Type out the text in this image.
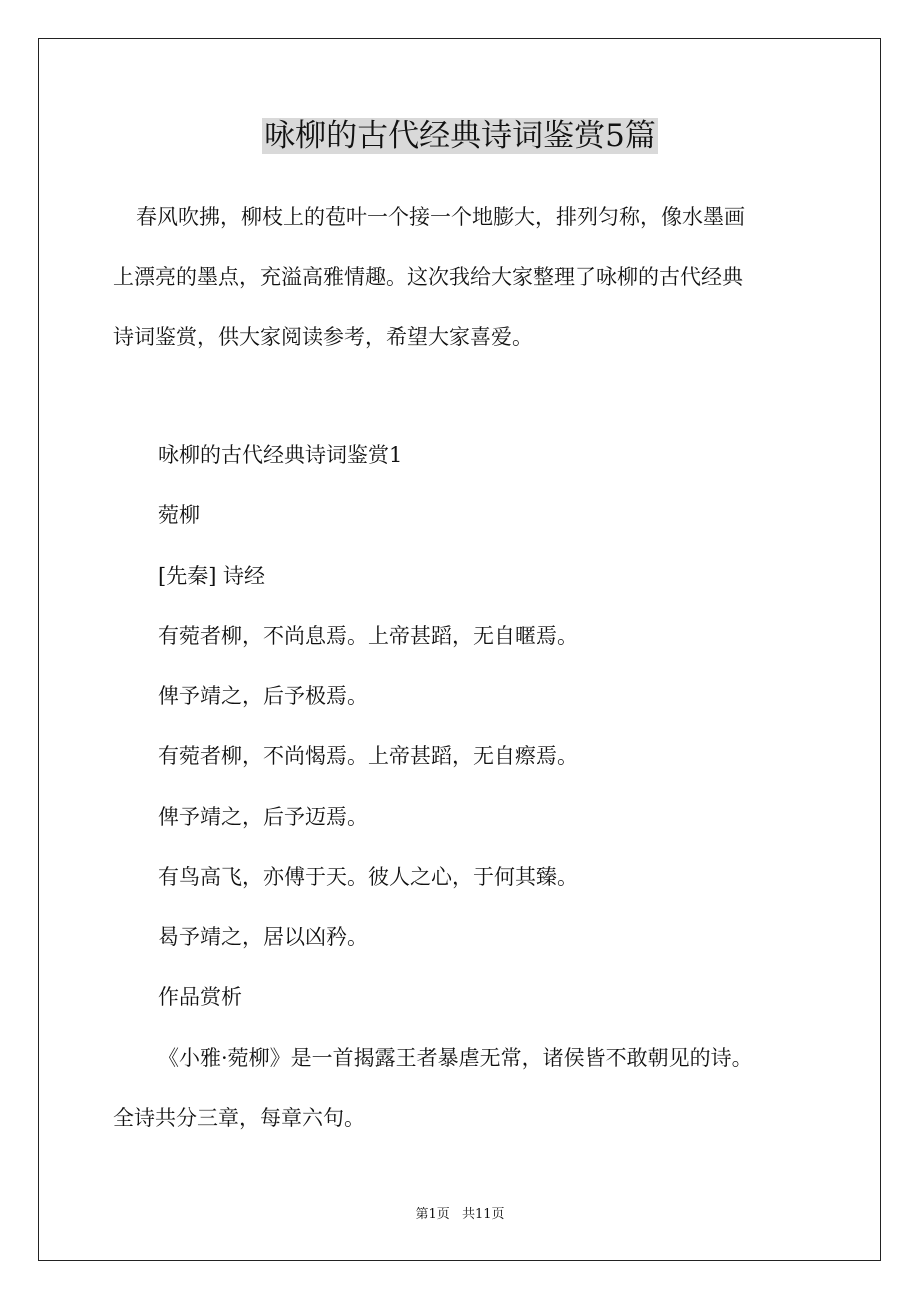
咏柳的古代经典诗词鉴赏5篇

春风吹拂，柳枝上的苞叶一个接一个地膨大，排列匀称，像水墨画

上漂亮的墨点，充溢高雅情趣。这次我给大家整理了咏柳的古代经典

诗词鉴赏，供大家阅读参考，希望大家喜爱。

咏柳的古代经典诗词鉴赏1

菀柳

[先秦] 诗经

有菀者柳，不尚息焉。上帝甚蹈，无自暱焉。

俾予靖之，后予极焉。

有菀者柳，不尚愒焉。上帝甚蹈，无自瘵焉。

俾予靖之，后予迈焉。

有鸟高飞，亦傅于天。彼人之心，于何其臻。

曷予靖之，居以凶矜。

作品赏析

《小雅·菀柳》是一首揭露王者暴虐无常，诸侯皆不敢朝见的诗。

全诗共分三章，每章六句。

第1页 共11页
